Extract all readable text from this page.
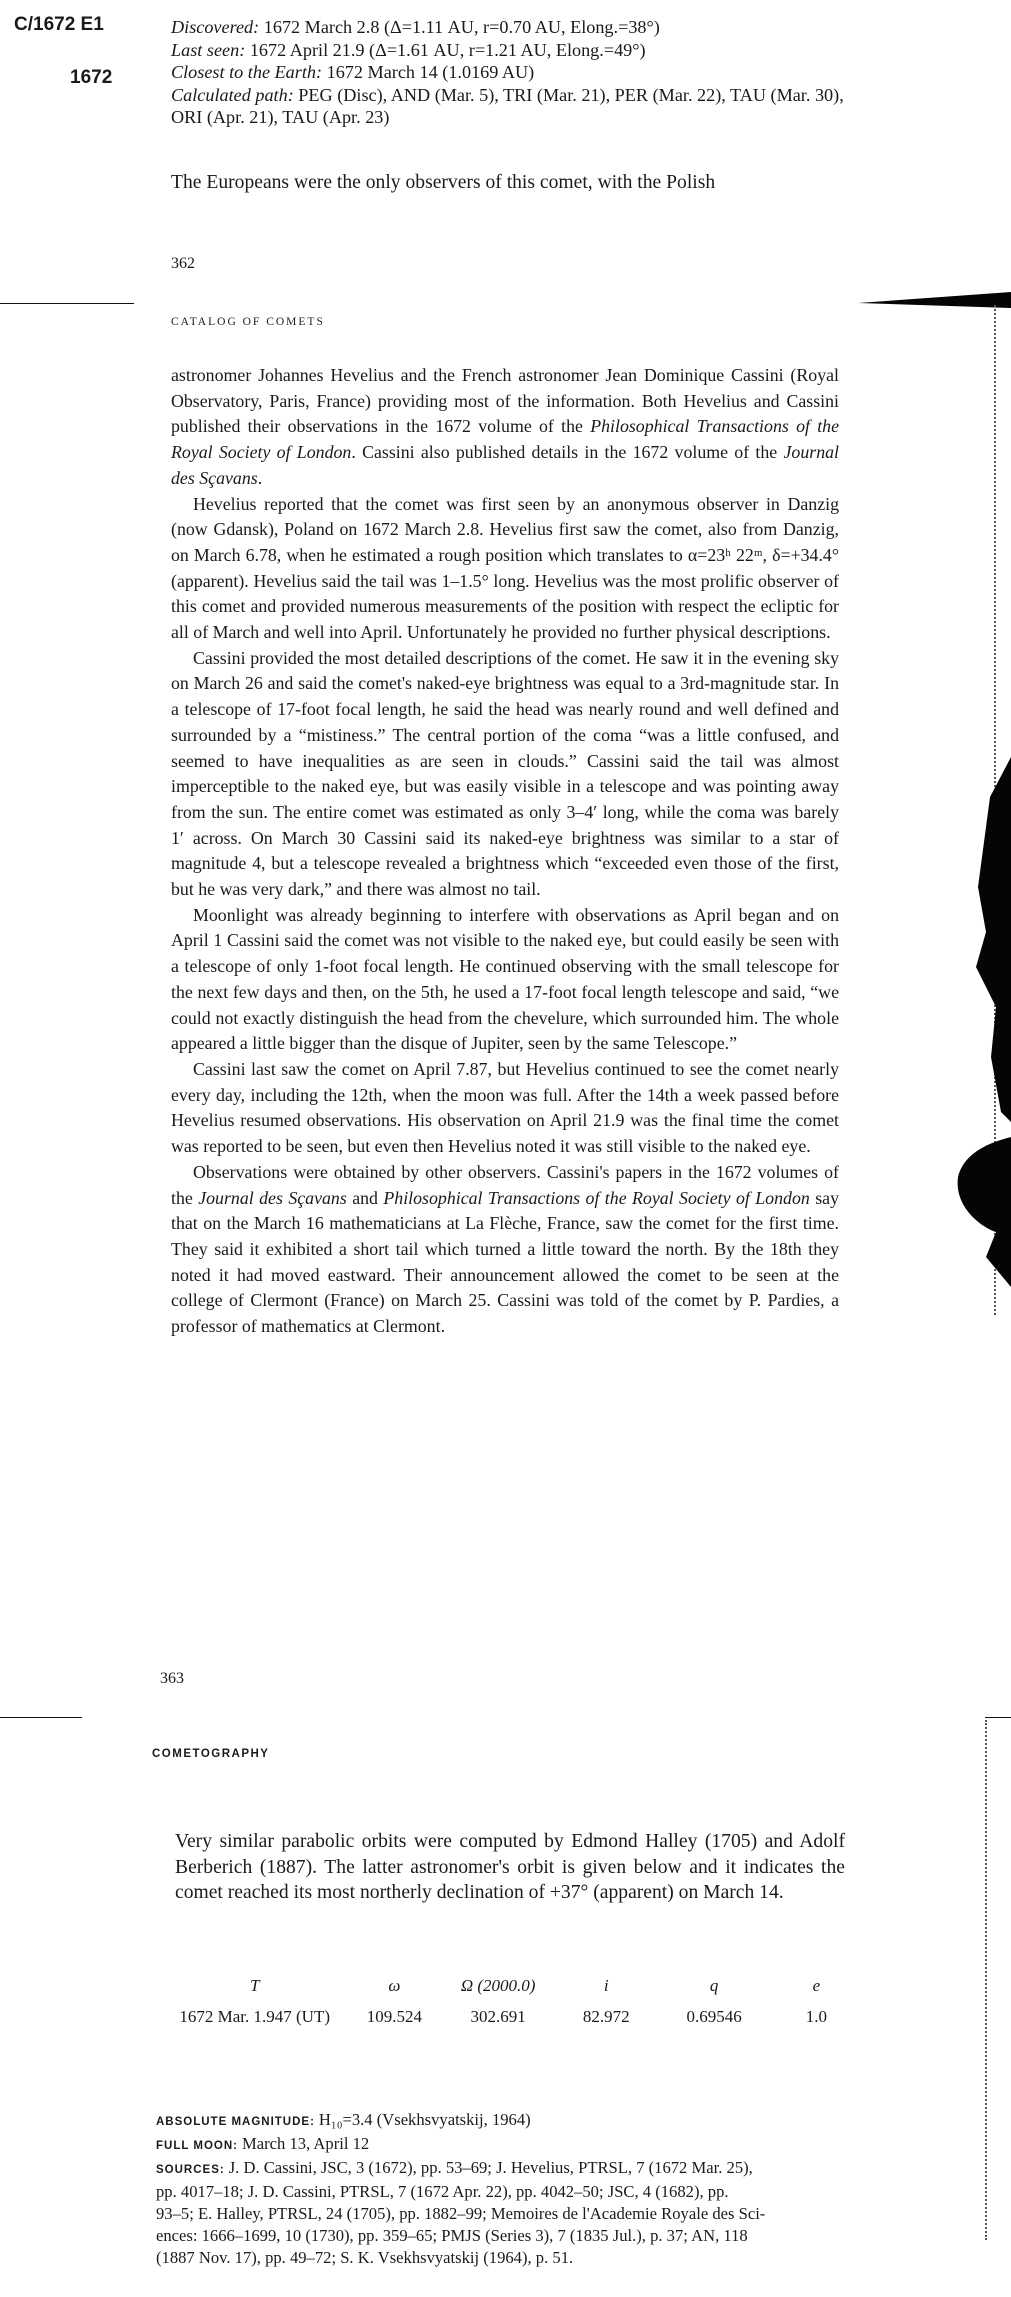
C/1672 E1
1672
Discovered: 1672 March 2.8 (Δ=1.11 AU, r=0.70 AU, Elong.=38°)
Last seen: 1672 April 21.9 (Δ=1.61 AU, r=1.21 AU, Elong.=49°)
Closest to the Earth: 1672 March 14 (1.0169 AU)
Calculated path: PEG (Disc), AND (Mar. 5), TRI (Mar. 21), PER (Mar. 22), TAU (Mar. 30), ORI (Apr. 21), TAU (Apr. 23)
The Europeans were the only observers of this comet, with the Polish
362
CATALOG OF COMETS

astronomer Johannes Hevelius and the French astronomer Jean Dominique Cassini (Royal Observatory, Paris, France) providing most of the information. Both Hevelius and Cassini published their observations in the 1672 volume of the Philosophical Transactions of the Royal Society of London. Cassini also published details in the 1672 volume of the Journal des Sçavans.

Hevelius reported that the comet was first seen by an anonymous observer in Danzig (now Gdansk), Poland on 1672 March 2.8. Hevelius first saw the comet, also from Danzig, on March 6.78, when he estimated a rough position which translates to α=23ʰ 22ᵐ, δ=+34.4° (apparent). Hevelius said the tail was 1–1.5° long. Hevelius was the most prolific observer of this comet and provided numerous measurements of the position with respect the ecliptic for all of March and well into April. Unfortunately he provided no further physical descriptions.

Cassini provided the most detailed descriptions of the comet. He saw it in the evening sky on March 26 and said the comet's naked-eye brightness was equal to a 3rd-magnitude star. In a telescope of 17-foot focal length, he said the head was nearly round and well defined and surrounded by a “mistiness.” The central portion of the coma “was a little confused, and seemed to have inequalities as are seen in clouds.” Cassini said the tail was almost imperceptible to the naked eye, but was easily visible in a telescope and was pointing away from the sun. The entire comet was estimated as only 3–4′ long, while the coma was barely 1′ across. On March 30 Cassini said its naked-eye brightness was similar to a star of magnitude 4, but a telescope revealed a brightness which “exceeded even those of the first, but he was very dark,” and there was almost no tail.

Moonlight was already beginning to interfere with observations as April began and on April 1 Cassini said the comet was not visible to the naked eye, but could easily be seen with a telescope of only 1-foot focal length. He continued observing with the small telescope for the next few days and then, on the 5th, he used a 17-foot focal length telescope and said, “we could not exactly distinguish the head from the chevelure, which surrounded him. The whole appeared a little bigger than the disque of Jupiter, seen by the same Telescope.”

Cassini last saw the comet on April 7.87, but Hevelius continued to see the comet nearly every day, including the 12th, when the moon was full. After the 14th a week passed before Hevelius resumed observations. His observation on April 21.9 was the final time the comet was reported to be seen, but even then Hevelius noted it was still visible to the naked eye.

Observations were obtained by other observers. Cassini's papers in the 1672 volumes of the Journal des Sçavans and Philosophical Transactions of the Royal Society of London say that on the March 16 mathematicians at La Flèche, France, saw the comet for the first time. They said it exhibited a short tail which turned a little toward the north. By the 18th they noted it had moved eastward. Their announcement allowed the comet to be seen at the college of Clermont (France) on March 25. Cassini was told of the comet by P. Pardies, a professor of mathematics at Clermont.

363
COMETOGRAPHY
Very similar parabolic orbits were computed by Edmond Halley (1705) and Adolf Berberich (1887). The latter astronomer's orbit is given below and it indicates the comet reached its most northerly declination of +37° (apparent) on March 14.
T	ω	Ω (2000.0)	i	q	e
1672 Mar. 1.947 (UT)	109.524	302.691	82.972	0.69546	1.0
ABSOLUTE MAGNITUDE: H₁₀=3.4 (Vsekhsvyatskij, 1964)
FULL MOON: March 13, April 12
SOURCES: J. D. Cassini, JSC, 3 (1672), pp. 53–69; J. Hevelius, PTRSL, 7 (1672 Mar. 25),
pp. 4017–18; J. D. Cassini, PTRSL, 7 (1672 Apr. 22), pp. 4042–50; JSC, 4 (1682), pp.
93–5; E. Halley, PTRSL, 24 (1705), pp. 1882–99; Memoires de l'Academie Royale des Sci-
ences: 1666–1699, 10 (1730), pp. 359–65; PMJS (Series 3), 7 (1835 Jul.), p. 37; AN, 118
(1887 Nov. 17), pp. 49–72; S. K. Vsekhsvyatskij (1964), p. 51.
